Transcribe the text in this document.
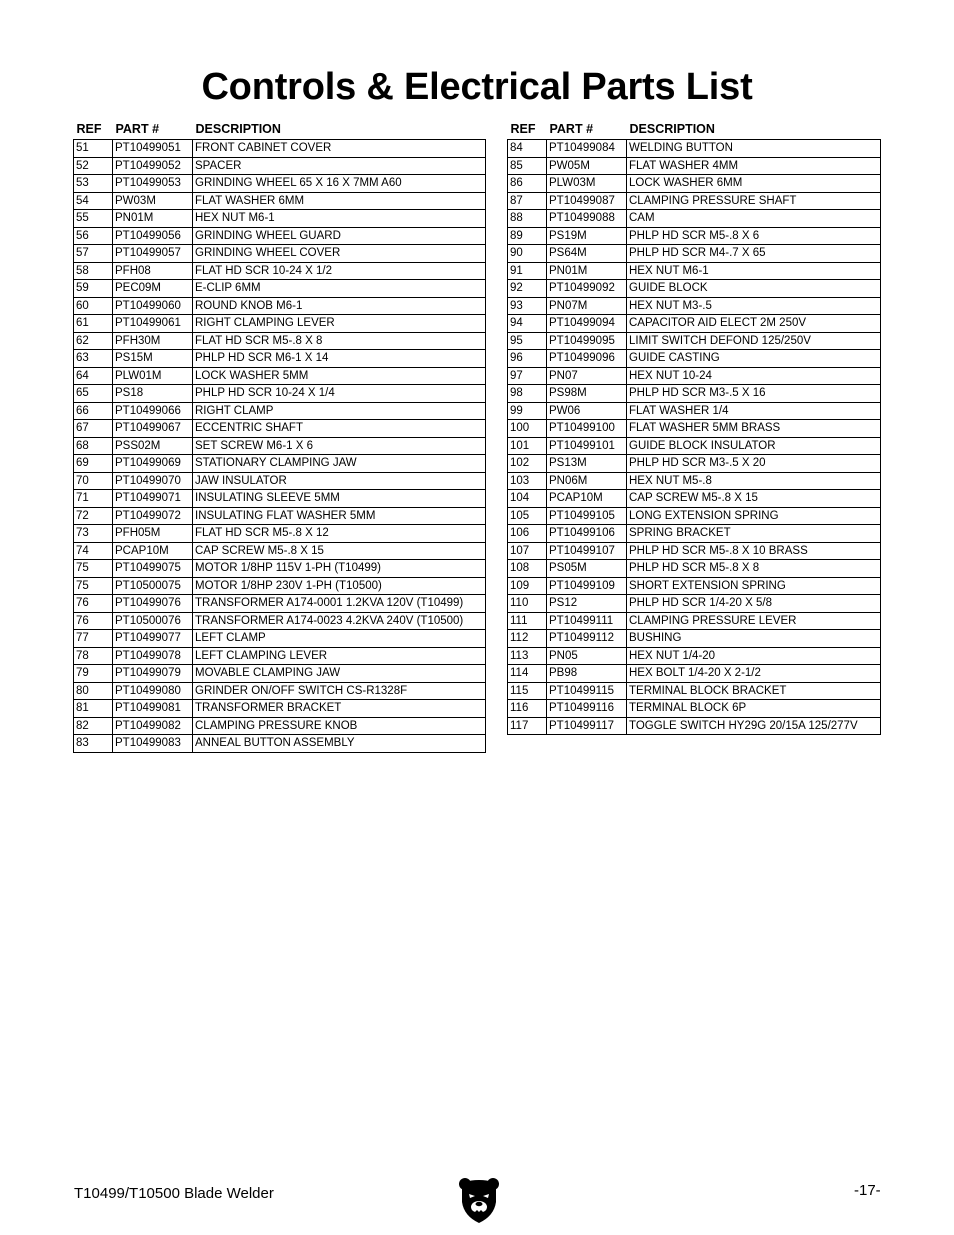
Controls & Electrical Parts List
REF	PART #	DESCRIPTION
51	PT10499051	FRONT CABINET COVER
52	PT10499052	SPACER
53	PT10499053	GRINDING WHEEL 65 X 16 X 7MM A60
54	PW03M	FLAT WASHER 6MM
55	PN01M	HEX NUT M6-1
56	PT10499056	GRINDING WHEEL GUARD
57	PT10499057	GRINDING WHEEL COVER
58	PFH08	FLAT HD SCR 10-24 X 1/2
59	PEC09M	E-CLIP 6MM
60	PT10499060	ROUND KNOB M6-1
61	PT10499061	RIGHT CLAMPING LEVER
62	PFH30M	FLAT HD SCR M5-.8 X 8
63	PS15M	PHLP HD SCR M6-1 X 14
64	PLW01M	LOCK WASHER 5MM
65	PS18	PHLP HD SCR 10-24 X 1/4
66	PT10499066	RIGHT CLAMP
67	PT10499067	ECCENTRIC SHAFT
68	PSS02M	SET SCREW M6-1 X 6
69	PT10499069	STATIONARY CLAMPING JAW
70	PT10499070	JAW INSULATOR
71	PT10499071	INSULATING SLEEVE 5MM
72	PT10499072	INSULATING FLAT WASHER 5MM
73	PFH05M	FLAT HD SCR M5-.8 X 12
74	PCAP10M	CAP SCREW M5-.8 X 15
75	PT10499075	MOTOR 1/8HP 115V 1-PH (T10499)
75	PT10500075	MOTOR 1/8HP 230V 1-PH (T10500)
76	PT10499076	TRANSFORMER A174-0001 1.2KVA 120V (T10499)
76	PT10500076	TRANSFORMER A174-0023 4.2KVA 240V (T10500)
77	PT10499077	LEFT CLAMP
78	PT10499078	LEFT CLAMPING LEVER
79	PT10499079	MOVABLE CLAMPING JAW
80	PT10499080	GRINDER ON/OFF SWITCH CS-R1328F
81	PT10499081	TRANSFORMER BRACKET
82	PT10499082	CLAMPING PRESSURE KNOB
83	PT10499083	ANNEAL BUTTON ASSEMBLY
REF	PART #	DESCRIPTION
84	PT10499084	WELDING BUTTON
85	PW05M	FLAT WASHER 4MM
86	PLW03M	LOCK WASHER 6MM
87	PT10499087	CLAMPING PRESSURE SHAFT
88	PT10499088	CAM
89	PS19M	PHLP HD SCR M5-.8 X 6
90	PS64M	PHLP HD SCR M4-.7 X 65
91	PN01M	HEX NUT M6-1
92	PT10499092	GUIDE BLOCK
93	PN07M	HEX NUT M3-.5
94	PT10499094	CAPACITOR AID ELECT 2M 250V
95	PT10499095	LIMIT SWITCH DEFOND 125/250V
96	PT10499096	GUIDE CASTING
97	PN07	HEX NUT 10-24
98	PS98M	PHLP HD SCR M3-.5 X 16
99	PW06	FLAT WASHER 1/4
100	PT10499100	FLAT WASHER 5MM BRASS
101	PT10499101	GUIDE BLOCK INSULATOR
102	PS13M	PHLP HD SCR M3-.5 X 20
103	PN06M	HEX NUT M5-.8
104	PCAP10M	CAP SCREW M5-.8 X 15
105	PT10499105	LONG EXTENSION SPRING
106	PT10499106	SPRING BRACKET
107	PT10499107	PHLP HD SCR M5-.8 X 10 BRASS
108	PS05M	PHLP HD SCR M5-.8 X 8
109	PT10499109	SHORT EXTENSION SPRING
110	PS12	PHLP HD SCR 1/4-20 X 5/8
111	PT10499111	CLAMPING PRESSURE LEVER
112	PT10499112	BUSHING
113	PN05	HEX NUT 1/4-20
114	PB98	HEX BOLT 1/4-20 X 2-1/2
115	PT10499115	TERMINAL BLOCK BRACKET
116	PT10499116	TERMINAL BLOCK 6P
117	PT10499117	TOGGLE SWITCH HY29G 20/15A 125/277V
T10499/T10500 Blade Welder	-17-
